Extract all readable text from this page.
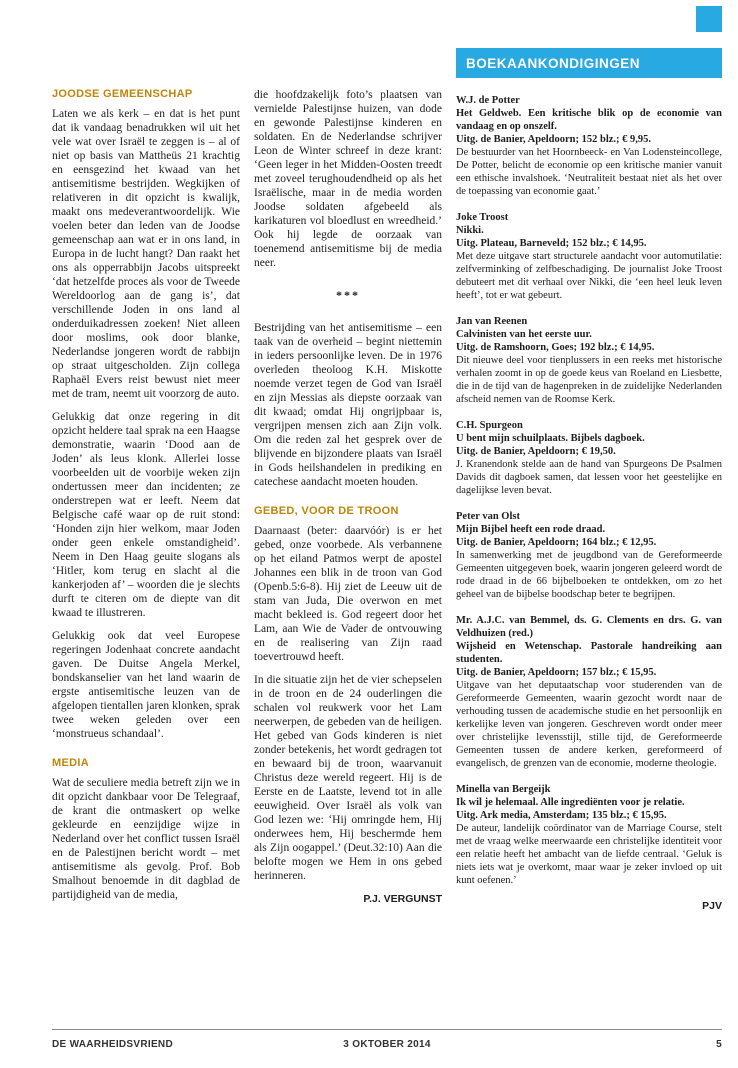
JOODSE GEMEENSCHAP

Laten we als kerk – en dat is het punt dat ik vandaag benadrukken wil uit het vele wat over Israël te zeggen is – al of niet op basis van Mattheüs 21 krachtig en eensgezind het kwaad van het antisemitisme bestrijden. Wegkijken of relativeren in dit opzicht is kwalijk, maakt ons medeverantwoordelijk. Wie voelen beter dan leden van de Joodse gemeenschap aan wat er in ons land, in Europa in de lucht hangt? Dan raakt het ons als opperrabbijn Jacobs uitspreekt ‘dat hetzelfde proces als voor de Tweede Wereldoorlog aan de gang is’, dat verschillende Joden in ons land al onderduikadressen zoeken! Niet alleen door moslims, ook door blanke, Nederlandse jongeren wordt de rabbijn op straat uitgescholden. Zijn collega Raphaël Evers reist bewust niet meer met de tram, neemt uit voorzorg de auto.

Gelukkig dat onze regering in dit opzicht heldere taal sprak na een Haagse demonstratie, waarin ‘Dood aan de Joden’ als leus klonk. Allerlei losse voorbeelden uit de voorbije weken zijn ondertussen meer dan incidenten; ze onderstrepen wat er leeft. Neem dat Belgische café waar op de ruit stond: ‘Honden zijn hier welkom, maar Joden onder geen enkele omstandigheid’. Neem in Den Haag geuite slogans als ‘Hitler, kom terug en slacht al die kankerjoden af’ – woorden die je slechts durft te citeren om de diepte van dit kwaad te illustreren.

Gelukkig ook dat veel Europese regeringen Jodenhaat concrete aandacht gaven. De Duitse Angela Merkel, bondskanselier van het land waarin de ergste antisemitische leuzen van de afgelopen tientallen jaren klonken, sprak twee weken geleden over een ‘monstrueus schandaal’.

MEDIA

Wat de seculiere media betreft zijn we in dit opzicht dankbaar voor De Telegraaf, de krant die ontmaskert op welke gekleurde en eenzijdige wijze in Nederland over het conflict tussen Israël en de Palestijnen bericht wordt – met antisemitisme als gevolg. Prof. Bob Smalhout benoemde in dit dagblad de partijdigheid van de media,

die hoofdzakelijk foto’s plaatsen van vernielde Palestijnse huizen, van dode en gewonde Palestijnse kinderen en soldaten. En de Nederlandse schrijver Leon de Winter schreef in deze krant: ‘Geen leger in het Midden-Oosten treedt met zoveel terughoudendheid op als het Israëlische, maar in de media worden Joodse soldaten afgebeeld als karikaturen vol bloedlust en wreedheid.’ Ook hij legde de oorzaak van toenemend antisemitisme bij de media neer.

***

Bestrijding van het antisemitisme – een taak van de overheid – begint niettemin in ieders persoonlijke leven. De in 1976 overleden theoloog K.H. Miskotte noemde verzet tegen de God van Israël en zijn Messias als diepste oorzaak van dit kwaad; omdat Hij ongrijpbaar is, vergrijpen mensen zich aan Zijn volk. Om die reden zal het gesprek over de blijvende en bijzondere plaats van Israël in Gods heilshandelen in prediking en catechese aandacht moeten houden.

GEBED, VOOR DE TROON

Daarnaast (beter: daarvóór) is er het gebed, onze voorbede. Als verbannene op het eiland Patmos werpt de apostel Johannes een blik in de troon van God (Openb.5:6-8). Hij ziet de Leeuw uit de stam van Juda, Die overwon en met macht bekleed is. God regeert door het Lam, aan Wie de Vader de ontvouwing en de realisering van Zijn raad toevertrouwd heeft.

In die situatie zijn het de vier schepselen in de troon en de 24 ouderlingen die schalen vol reukwerk voor het Lam neerwerpen, de gebeden van de heiligen. Het gebed van Gods kinderen is niet zonder betekenis, het wordt gedragen tot en bewaard bij de troon, waarvanuit Christus deze wereld regeert. Hij is de Eerste en de Laatste, levend tot in alle eeuwigheid. Over Israël als volk van God lezen we: ‘Hij omringde hem, Hij onderwees hem, Hij beschermde hem als Zijn oogappel.’ (Deut.32:10) Aan die belofte mogen we Hem in ons gebed herinneren.

P.J. VERGUNST
BOEKAANKONDIGINGEN
W.J. de Potter
Het Geldweb. Een kritische blik op de economie van vandaag en op onszelf.
Uitg. de Banier, Apeldoorn; 152 blz.; € 9,95.
De bestuurder van het Hoornbeeck- en Van Lodensteincollege, De Potter, belicht de economie op een kritische manier vanuit een ethische invalshoek. ‘Neutraliteit bestaat niet als het over de toepassing van economie gaat.’
Joke Troost
Nikki.
Uitg. Plateau, Barneveld; 152 blz.; € 14,95.
Met deze uitgave start structurele aandacht voor automutilatie: zelfverminking of zelfbeschadiging. De journalist Joke Troost debuteert met dit verhaal over Nikki, die ‘een heel leuk leven heeft’, tot er wat gebeurt.
Jan van Reenen
Calvinisten van het eerste uur.
Uitg. de Ramshoorn, Goes; 192 blz.; € 14,95.
Dit nieuwe deel voor tienplussers in een reeks met historische verhalen zoomt in op de goede keus van Roeland en Liesbette, die in de tijd van de hagenpreken in de zuidelijke Nederlanden afscheid nemen van de Roomse Kerk.
C.H. Spurgeon
U bent mijn schuilplaats. Bijbels dagboek.
Uitg. de Banier, Apeldoorn; € 19,50.
J. Kranendonk stelde aan de hand van Spurgeons De Psalmen Davids dit dagboek samen, dat lessen voor het geestelijke en dagelijkse leven bevat.
Peter van Olst
Mijn Bijbel heeft een rode draad.
Uitg. de Banier, Apeldoorn; 164 blz.; € 12,95.
In samenwerking met de jeugdbond van de Gereformeerde Gemeenten uitgegeven boek, waarin jongeren geleerd wordt de rode draad in de 66 bijbelboeken te ontdekken, om zo het geheel van de bijbelse boodschap beter te begrijpen.
Mr. A.J.C. van Bemmel, ds. G. Clements en drs. G. van Veldhuizen (red.)
Wijsheid en Wetenschap. Pastorale handreiking aan studenten.
Uitg. de Banier, Apeldoorn; 157 blz.; € 15,95.
Uitgave van het deputaatschap voor studerenden van de Gereformeerde Gemeenten, waarin gezocht wordt naar de verhouding tussen de academische studie en het persoonlijk en kerkelijke leven van jongeren. Geschreven wordt onder meer over christelijke levensstijl, stille tijd, de Gereformeerde Gemeenten tussen de andere kerken, gereformeerd of evangelisch, de grenzen van de economie, moderne theologie.
Minella van Bergeijk
Ik wil je helemaal. Alle ingrediënten voor je relatie.
Uitg. Ark media, Amsterdam; 135 blz.; € 15,95.
De auteur, landelijk coördinator van de Marriage Course, stelt met de vraag welke meerwaarde een christelijke identiteit voor een relatie heeft het ambacht van de liefde centraal. ‘Geluk is niets iets wat je overkomt, maar waar je zeker invloed op uit kunt oefenen.’
PJV
DE WAARHEIDSVRIEND	3 OKTOBER 2014	5
